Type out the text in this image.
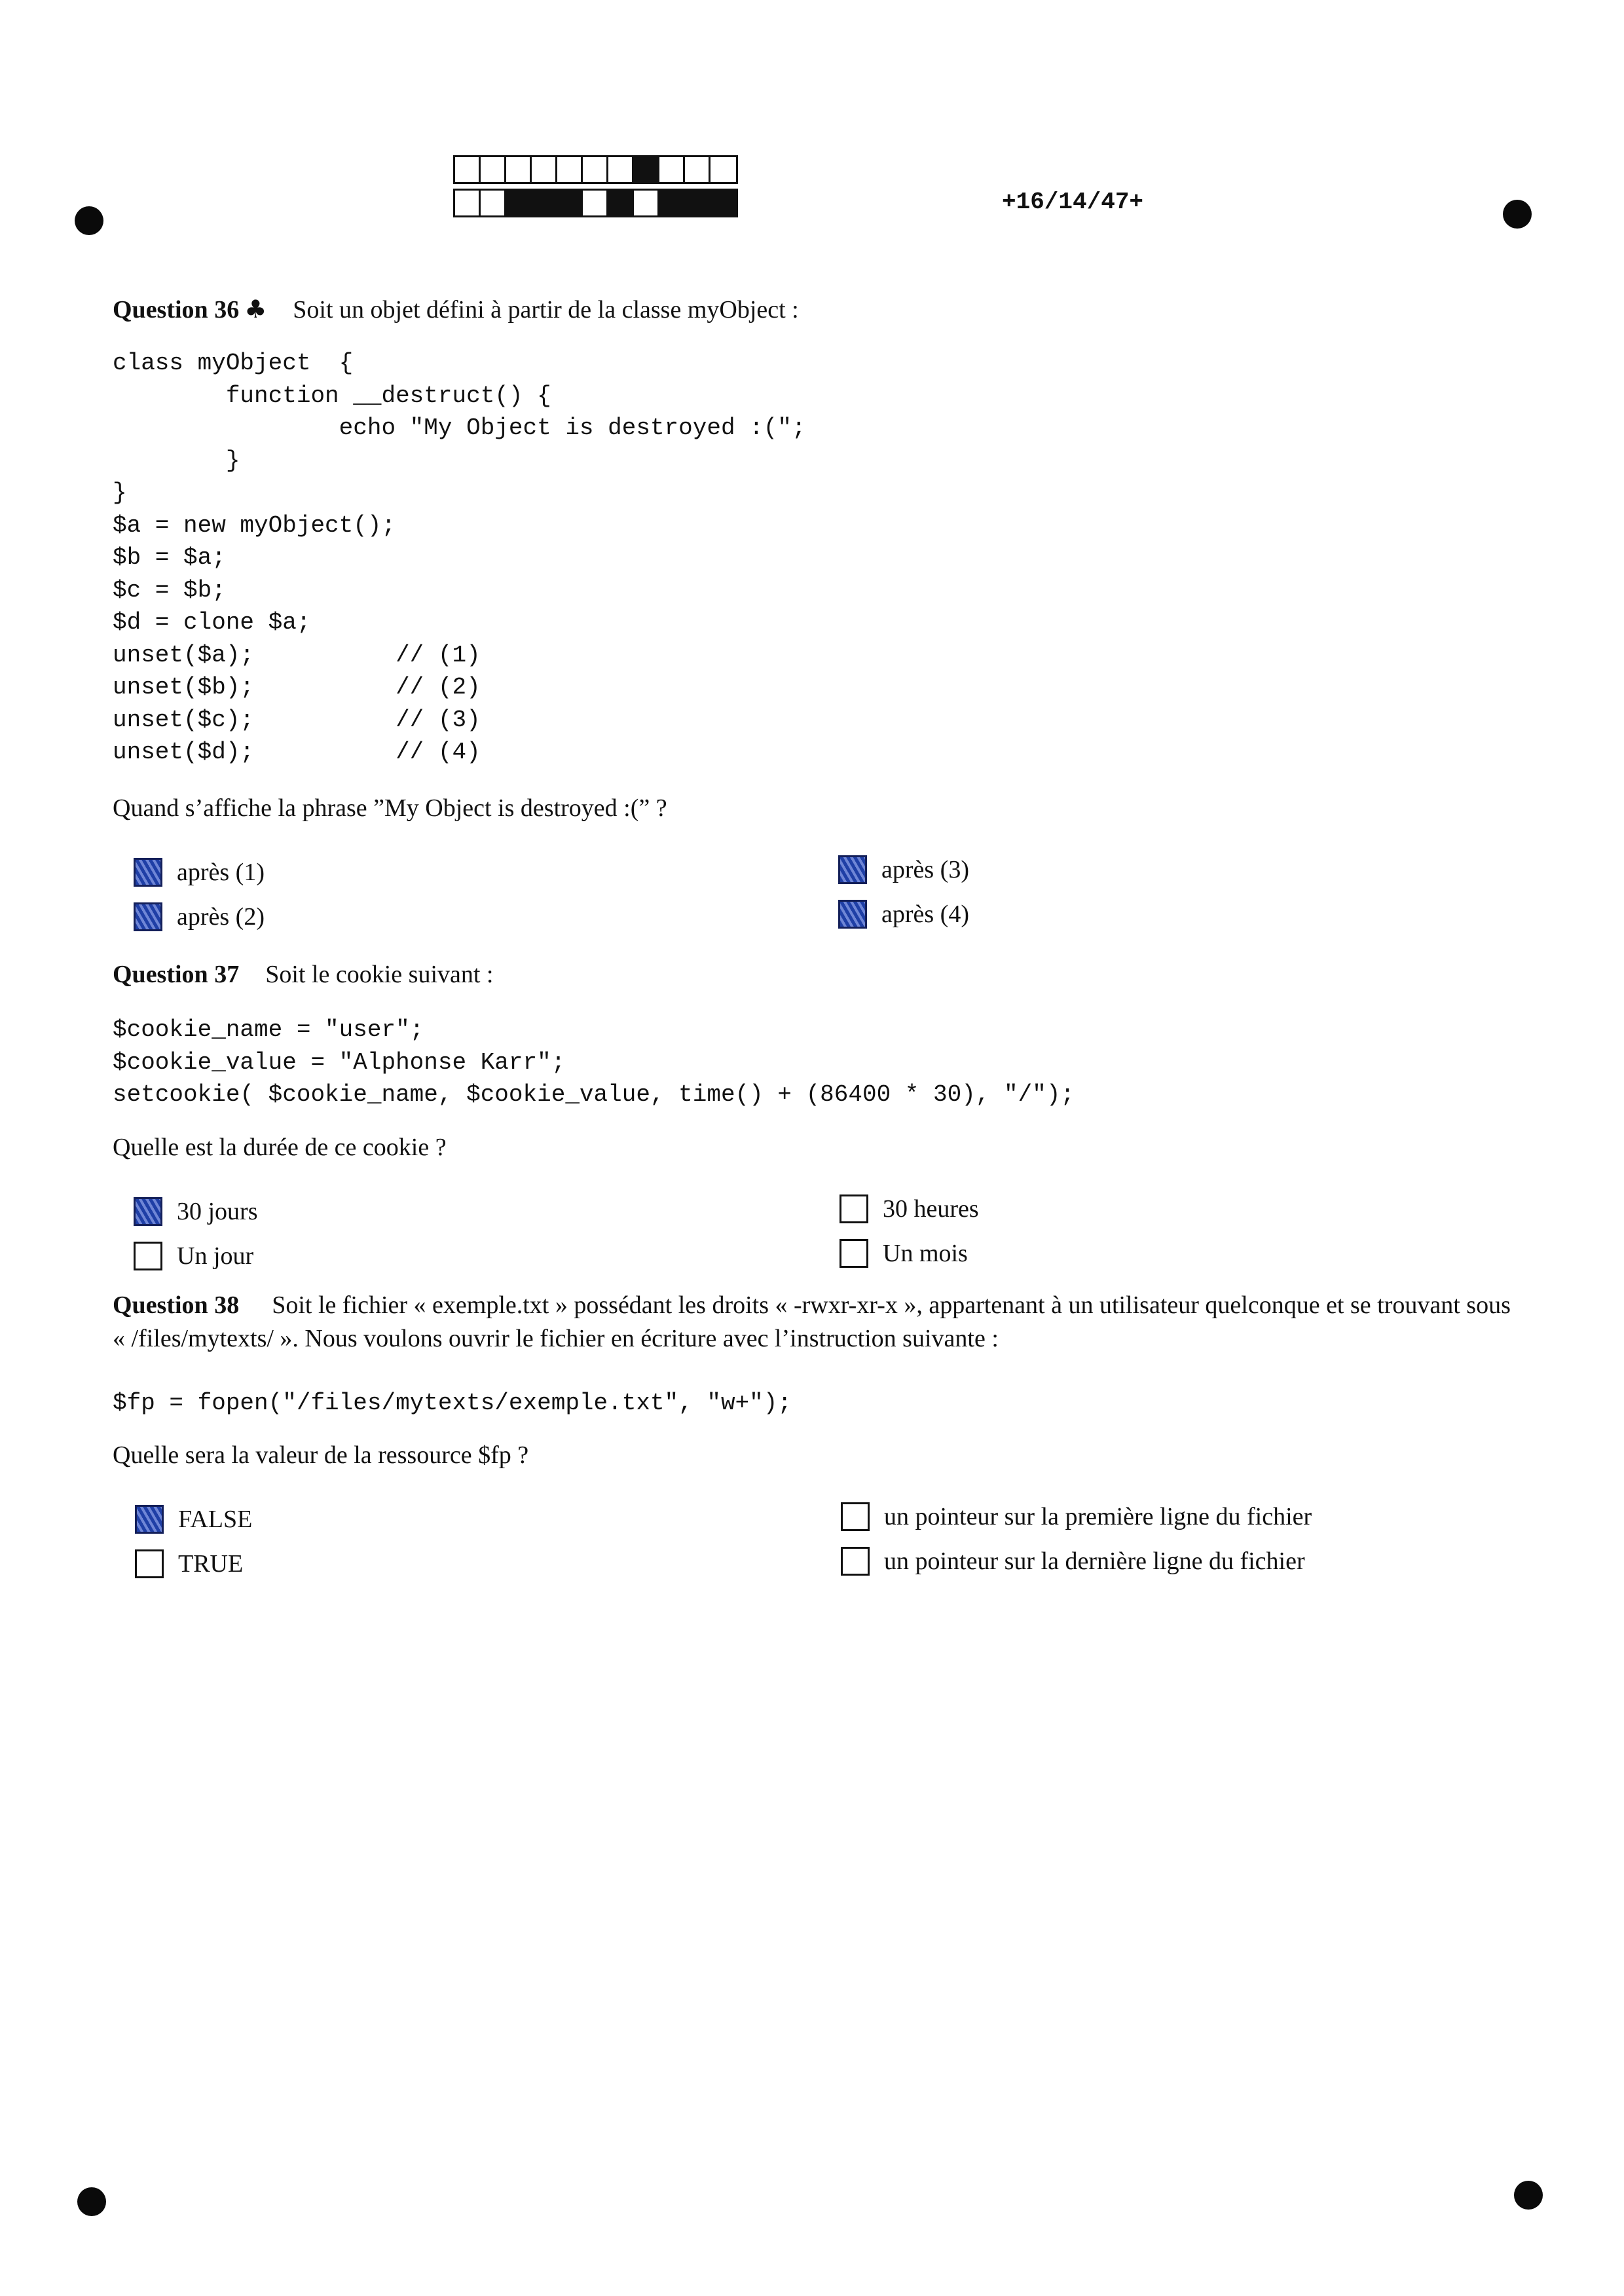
+16/14/47+
Question 36 ♣ Soit un objet défini à partir de la classe myObject :
class myObject  {
function __destruct() {
echo "My Object is destroyed :(";
}
}
$a = new myObject();
$b = $a;
$c = $b;
$d = clone $a;
unset($a);          // (1)
unset($b);          // (2)
unset($c);          // (3)
unset($d);          // (4)
Quand s’affiche la phrase ”My Object is destroyed :(” ?
après (1)
après (2)
après (3)
après (4)
Question 37 Soit le cookie suivant :
$cookie_name = "user";
$cookie_value = "Alphonse Karr";
setcookie( $cookie_name, $cookie_value, time() + (86400 * 30), "/");
Quelle est la durée de ce cookie ?
30 jours
Un jour
30 heures
Un mois
Question 38 Soit le fichier « exemple.txt » possédant les droits « -rwxr-xr-x », appartenant à un utilisateur quelconque et se trouvant sous « /files/mytexts/ ». Nous voulons ouvrir le fichier en écriture avec l’instruction suivante :
$fp = fopen("/files/mytexts/exemple.txt", "w+");
Quelle sera la valeur de la ressource $fp ?
FALSE
TRUE
un pointeur sur la première ligne du fichier
un pointeur sur la dernière ligne du fichier
